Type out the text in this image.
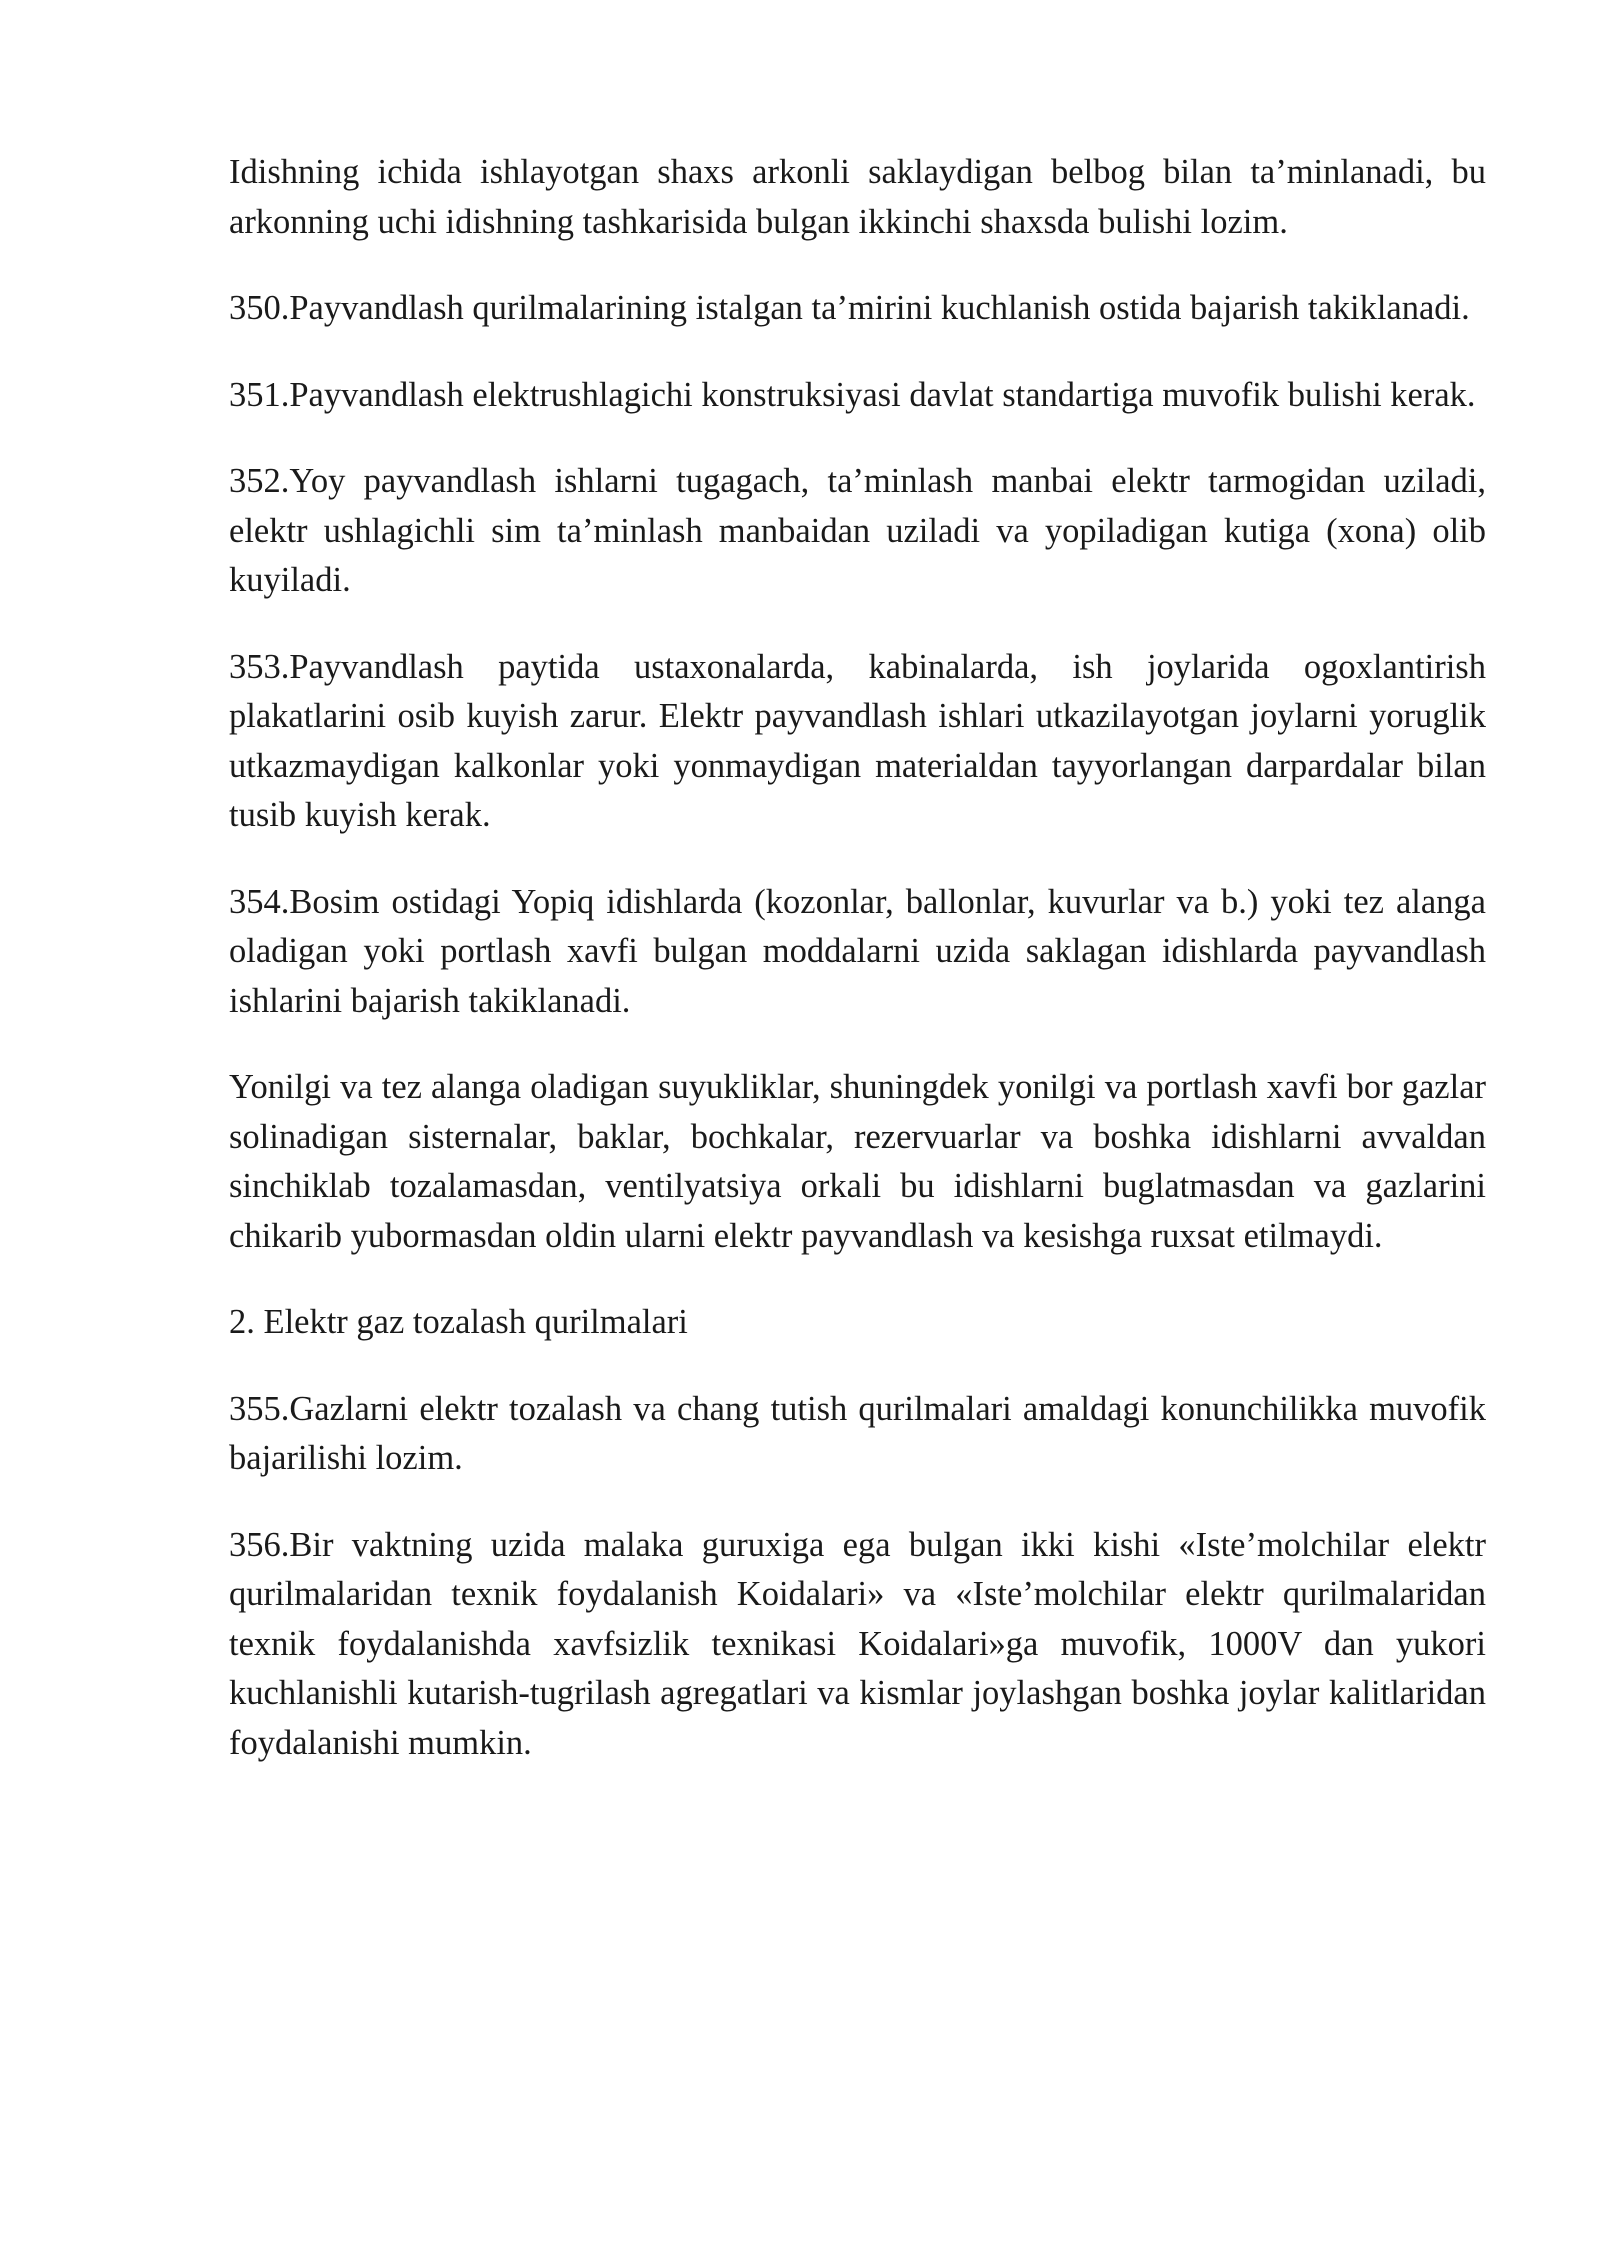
Idishning ichida ishlayotgan shaxs arkonli saklaydigan belbog bilan ta’minlanadi, bu arkonning uchi idishning tashkarisida bulgan ikkinchi shaxsda bulishi lozim.

350.Payvandlash qurilmalarining istalgan ta’mirini kuchlanish ostida bajarish takiklanadi.

351.Payvandlash elektrushlagichi konstruksiyasi davlat standartiga muvofik bulishi kerak.

352.Yoy payvandlash ishlarni tugagach, ta’minlash manbai elektr tarmogidan uziladi, elektr ushlagichli sim ta’minlash manbaidan uziladi va yopiladigan kutiga (xona) olib kuyiladi.

353.Payvandlash paytida ustaxonalarda, kabinalarda, ish joylarida ogoxlantirish plakatlarini osib kuyish zarur. Elektr payvandlash ishlari utkazilayotgan joylarni yoruglik utkazmaydigan kalkonlar yoki yonmaydigan materialdan tayyorlangan darpardalar bilan tusib kuyish kerak.

354.Bosim ostidagi Yopiq idishlarda (kozonlar, ballonlar, kuvurlar va b.) yoki tez alanga oladigan yoki portlash xavfi bulgan moddalarni uzida saklagan idishlarda payvandlash ishlarini bajarish takiklanadi.

Yonilgi va tez alanga oladigan suyukliklar, shuningdek yonilgi va portlash xavfi bor gazlar solinadigan sisternalar, baklar, bochkalar, rezervuarlar va boshka idishlarni avvaldan sinchiklab tozalamasdan, ventilyatsiya orkali bu idishlarni buglatmasdan va gazlarini chikarib yubormasdan oldin ularni elektr payvandlash va kesishga ruxsat etilmaydi.

2. Elektr gaz tozalash qurilmalari

355.Gazlarni elektr tozalash va chang tutish qurilmalari amaldagi konunchilikka muvofik bajarilishi lozim.

356.Bir vaktning uzida malaka guruxiga ega bulgan ikki kishi «Iste’molchilar elektr qurilmalaridan texnik foydalanish Koidalari» va «Iste’molchilar elektr qurilmalaridan texnik foydalanishda xavfsizlik texnikasi Koidalari»ga muvofik, 1000V dan yukori kuchlanishli kutarish-tugrilash agregatlari va kismlar joylashgan boshka joylar kalitlaridan foydalanishi mumkin.
